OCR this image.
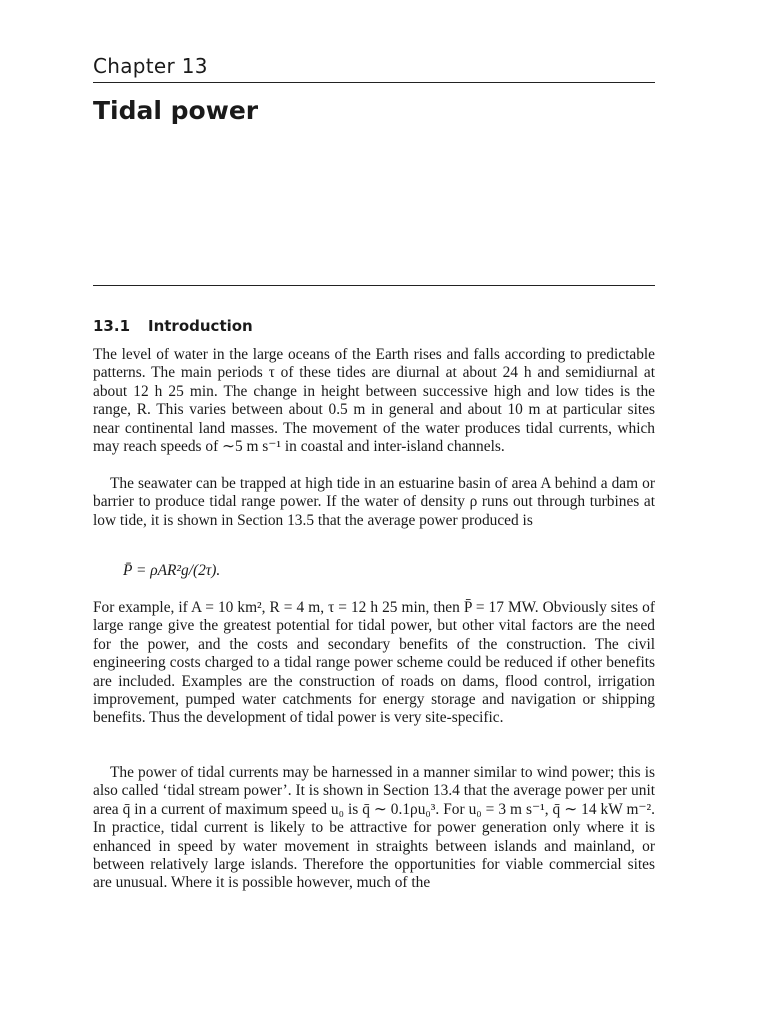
Chapter 13
Tidal power
13.1 Introduction

The level of water in the large oceans of the Earth rises and falls according to predictable patterns. The main periods τ of these tides are diurnal at about 24 h and semidiurnal at about 12 h 25 min. The change in height between successive high and low tides is the range, R. This varies between about 0.5 m in general and about 10 m at particular sites near continental land masses. The movement of the water produces tidal currents, which may reach speeds of ∼5 m s⁻¹ in coastal and inter-island channels.

The seawater can be trapped at high tide in an estuarine basin of area A behind a dam or barrier to produce tidal range power. If the water of density ρ runs out through turbines at low tide, it is shown in Section 13.5 that the average power produced is

P̄ = ρAR²g/(2τ).

For example, if A = 10 km², R = 4 m, τ = 12 h 25 min, then P̄ = 17 MW. Obviously sites of large range give the greatest potential for tidal power, but other vital factors are the need for the power, and the costs and secondary benefits of the construction. The civil engineering costs charged to a tidal range power scheme could be reduced if other benefits are included. Examples are the construction of roads on dams, flood control, irrigation improvement, pumped water catchments for energy storage and navigation or shipping benefits. Thus the development of tidal power is very site-specific.

The power of tidal currents may be harnessed in a manner similar to wind power; this is also called ‘tidal stream power’. It is shown in Section 13.4 that the average power per unit area q̄ in a current of maximum speed u₀ is q̄ ∼ 0.1ρu₀³. For u₀ = 3 m s⁻¹, q̄ ∼ 14 kW m⁻². In practice, tidal current is likely to be attractive for power generation only where it is enhanced in speed by water movement in straights between islands and mainland, or between relatively large islands. Therefore the opportunities for viable commercial sites are unusual. Where it is possible however, much of the
